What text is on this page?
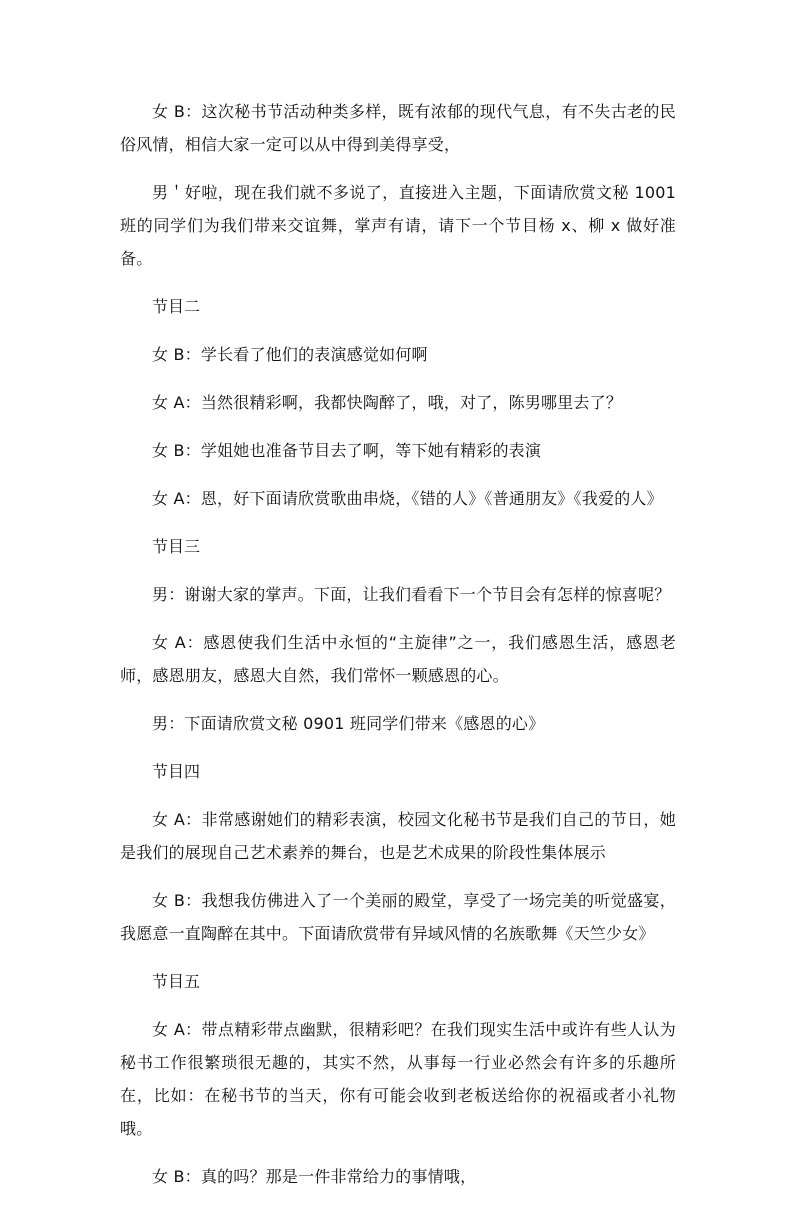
女 B：这次秘书节活动种类多样，既有浓郁的现代气息，有不失古老的民俗风情，相信大家一定可以从中得到美得享受，

男＇好啦，现在我们就不多说了，直接进入主题，下面请欣赏文秘 1001 班的同学们为我们带来交谊舞，掌声有请，请下一个节目杨 x、柳 x 做好准备。

节目二

女 B：学长看了他们的表演感觉如何啊

女 A：当然很精彩啊，我都快陶醉了，哦，对了，陈男哪里去了？

女 B：学姐她也准备节目去了啊，等下她有精彩的表演

女 A：恩，好下面请欣赏歌曲串烧，《错的人》《普通朋友》《我爱的人》

节目三

男：谢谢大家的掌声。下面，让我们看看下一个节目会有怎样的惊喜呢？

女 A：感恩使我们生活中永恒的“主旋律”之一，我们感恩生活，感恩老师，感恩朋友，感恩大自然，我们常怀一颗感恩的心。

男：下面请欣赏文秘 0901 班同学们带来《感恩的心》

节目四

女 A：非常感谢她们的精彩表演，校园文化秘书节是我们自己的节日，她是我们的展现自己艺术素养的舞台，也是艺术成果的阶段性集体展示

女 B：我想我仿佛进入了一个美丽的殿堂，享受了一场完美的听觉盛宴，我愿意一直陶醉在其中。下面请欣赏带有异域风情的名族歌舞《天竺少女》

节目五

女 A：带点精彩带点幽默，很精彩吧？在我们现实生活中或许有些人认为秘书工作很繁琐很无趣的，其实不然，从事每一行业必然会有许多的乐趣所在，比如：在秘书节的当天，你有可能会收到老板送给你的祝福或者小礼物哦。

女 B：真的吗？那是一件非常给力的事情哦，
